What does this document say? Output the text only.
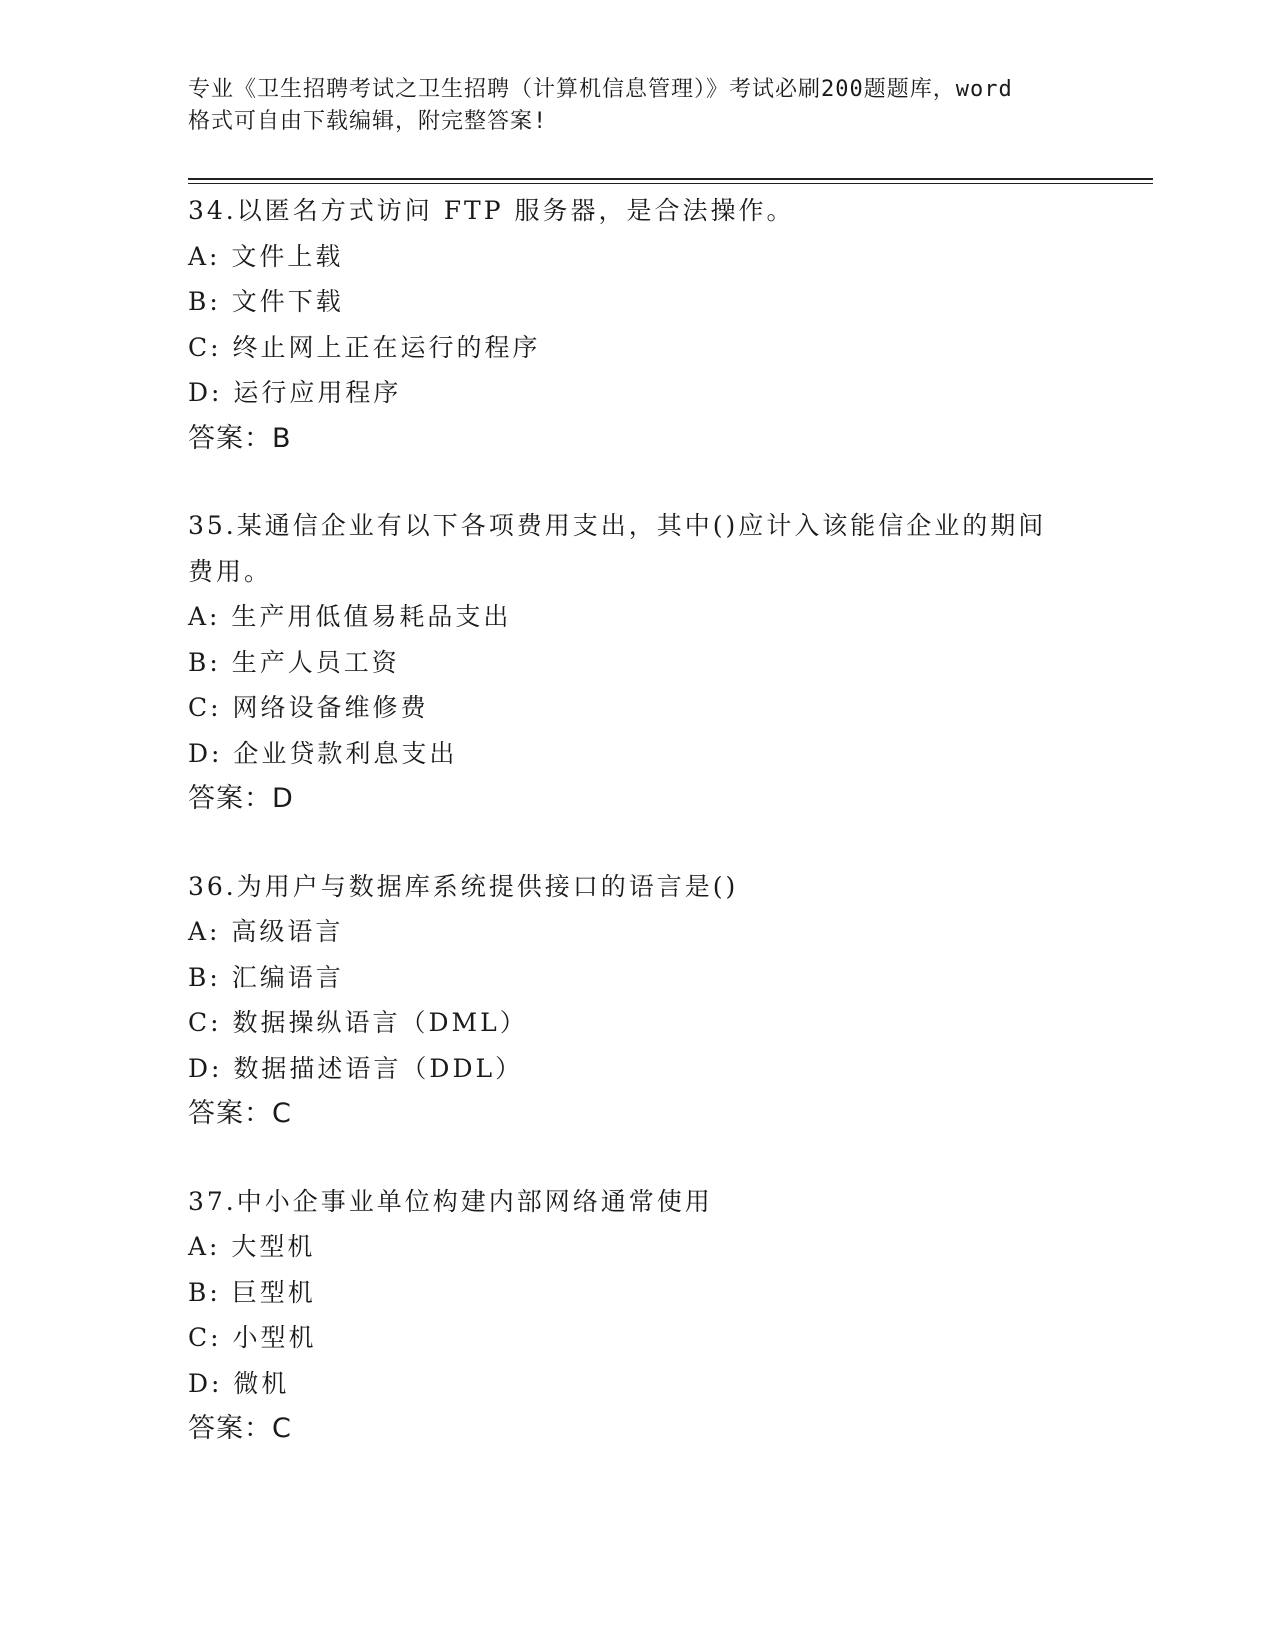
专业《卫生招聘考试之卫生招聘（计算机信息管理）》考试必刷200题题库，word
格式可自由下载编辑，附完整答案!
34.以匿名方式访问 FTP 服务器，是合法操作。
A: 文件上载
B: 文件下载
C: 终止网上正在运行的程序
D: 运行应用程序
答案：B
35.某通信企业有以下各项费用支出，其中()应计入该能信企业的期间
费用。
A: 生产用低值易耗品支出
B: 生产人员工资
C: 网络设备维修费
D: 企业贷款利息支出
答案：D
36.为用户与数据库系统提供接口的语言是()
A: 高级语言
B: 汇编语言
C: 数据操纵语言（DML）
D: 数据描述语言（DDL）
答案：C
37.中小企事业单位构建内部网络通常使用
A: 大型机
B: 巨型机
C: 小型机
D: 微机
答案：C
